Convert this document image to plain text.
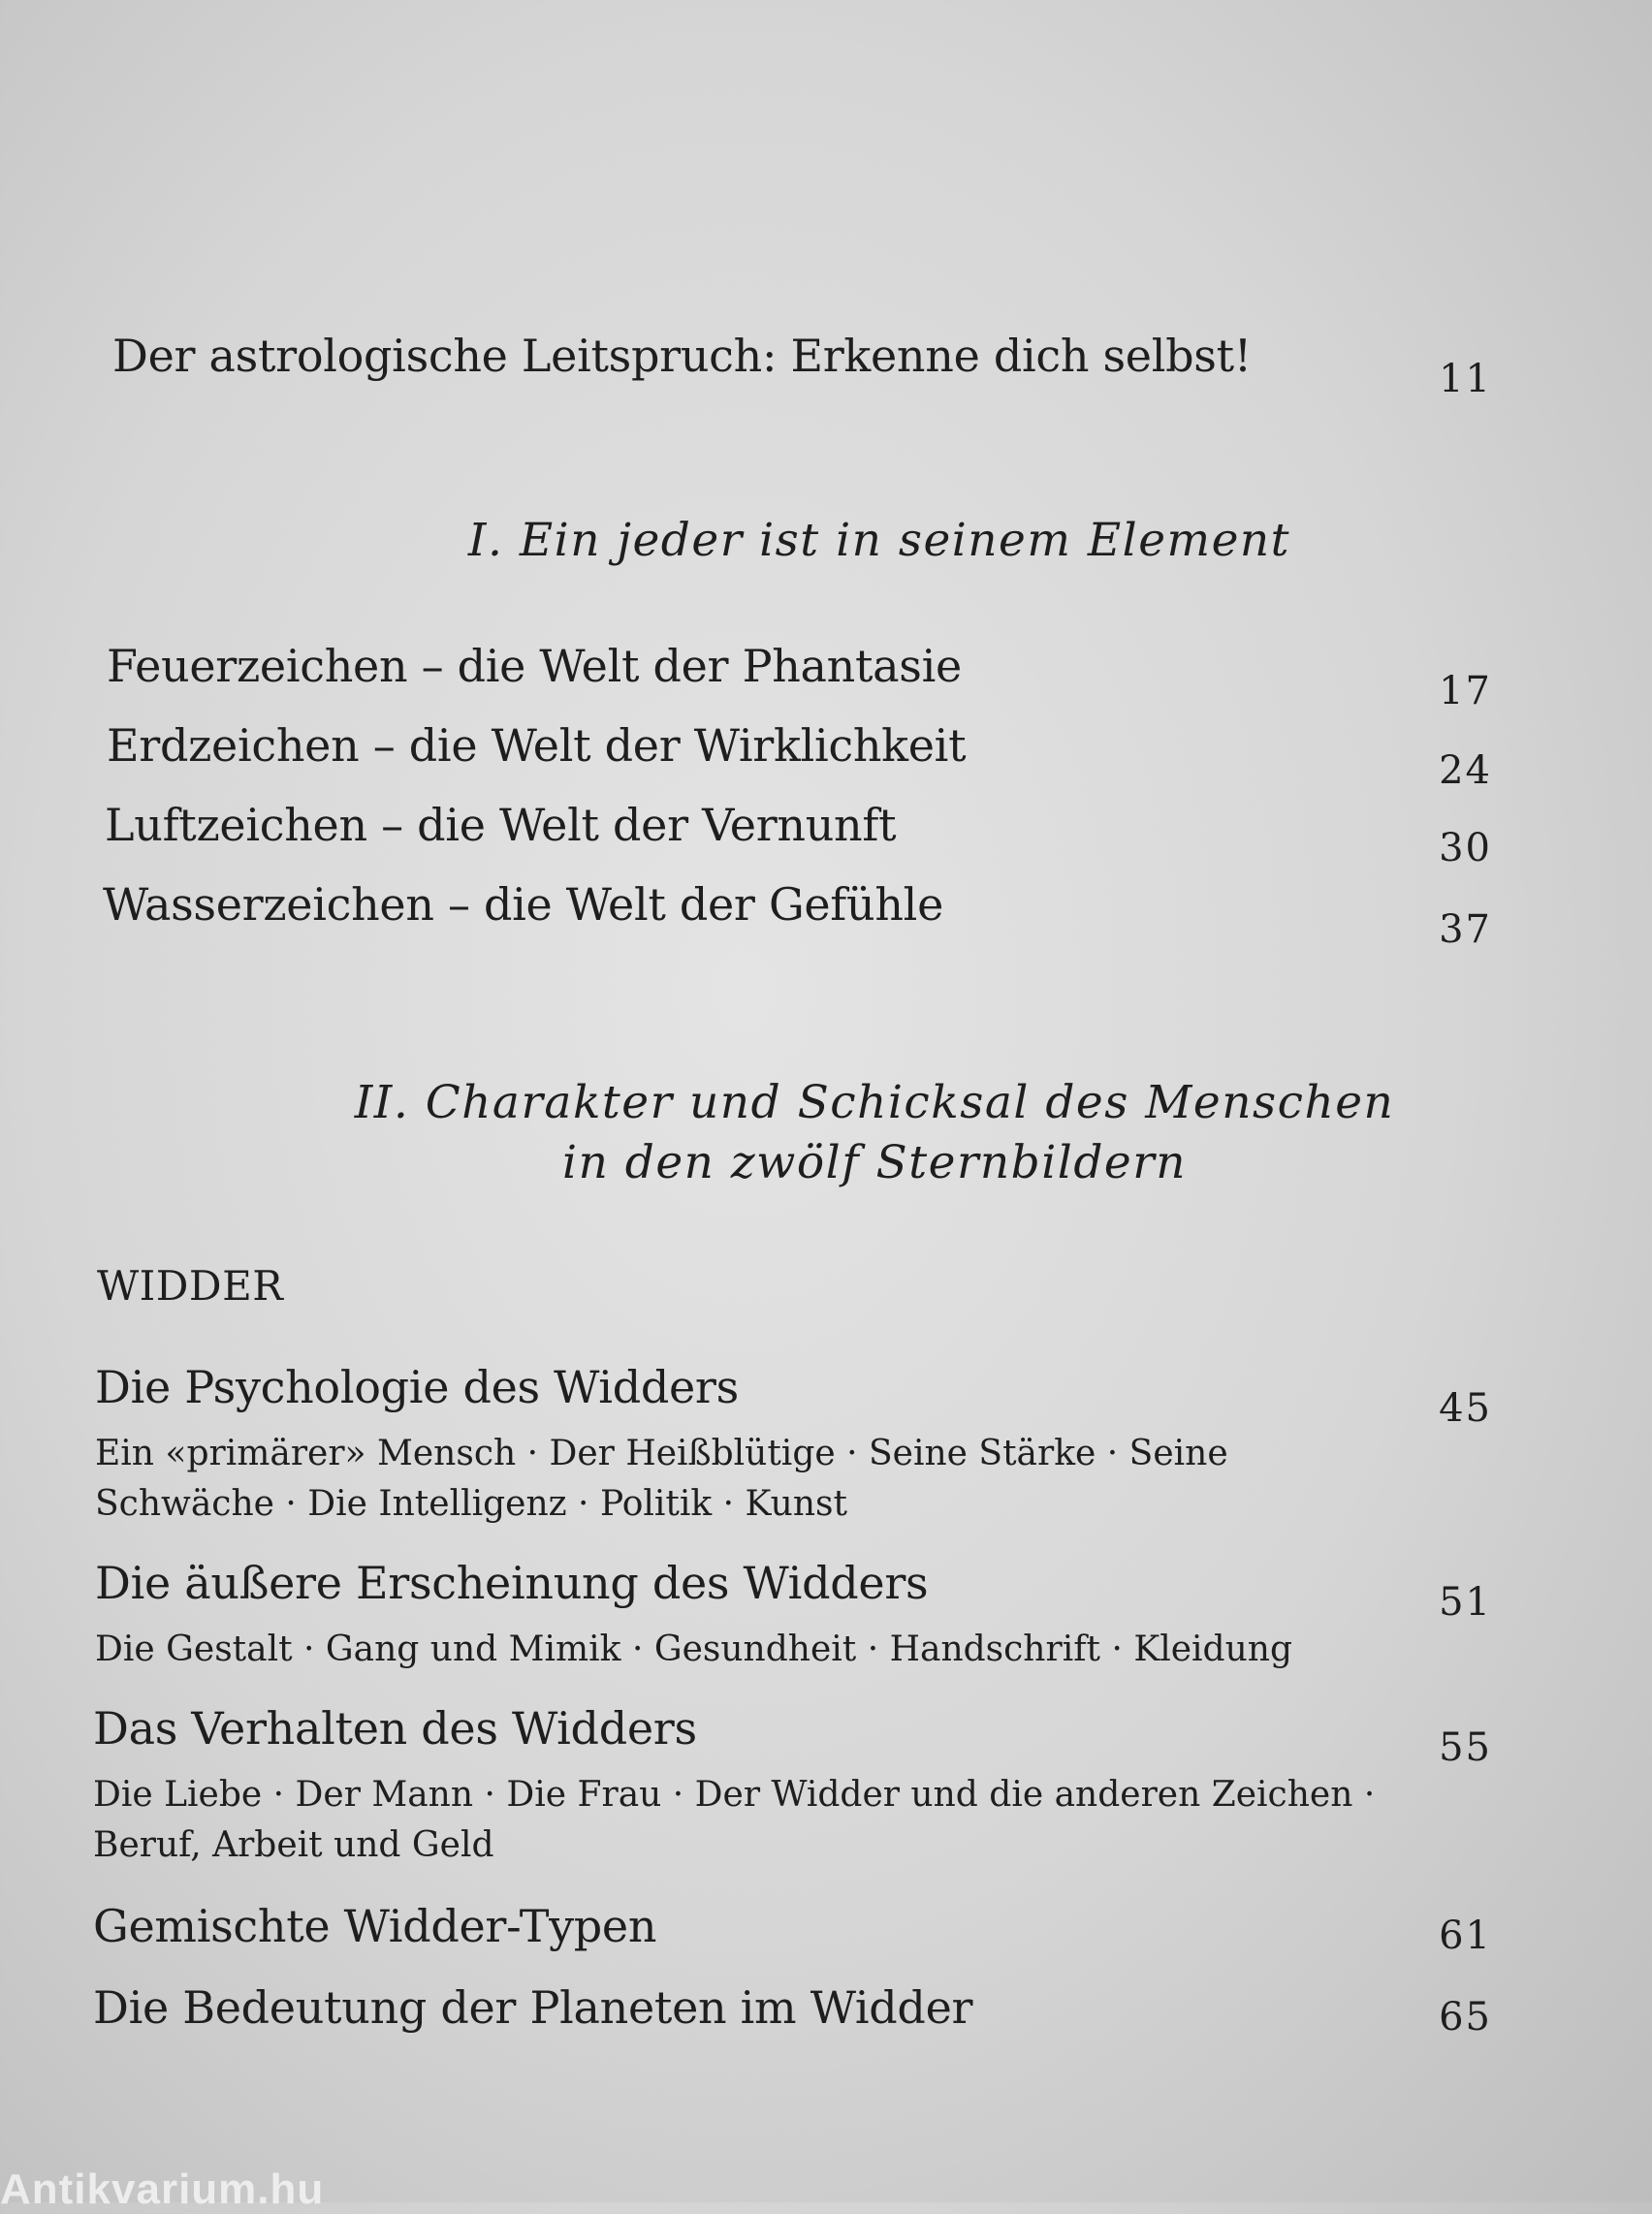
Der astrologische Leitspruch: Erkenne dich selbst!	11
I. Ein jeder ist in seinem Element
Feuerzeichen – die Welt der Phantasie	17
Erdzeichen – die Welt der Wirklichkeit	24
Luftzeichen – die Welt der Vernunft	30
Wasserzeichen – die Welt der Gefühle	37
II. Charakter und Schicksal des Menschen
in den zwölf Sternbildern
WIDDER
Die Psychologie des Widders	45
Ein «primärer» Mensch · Der Heißblütige · Seine Stärke · Seine Schwäche · Die Intelligenz · Politik · Kunst
Die äußere Erscheinung des Widders	51
Die Gestalt · Gang und Mimik · Gesundheit · Handschrift · Kleidung
Das Verhalten des Widders	55
Die Liebe · Der Mann · Die Frau · Der Widder und die anderen Zeichen · Beruf, Arbeit und Geld
Gemischte Widder-Typen	61
Die Bedeutung der Planeten im Widder	65
Antikvarium.hu
